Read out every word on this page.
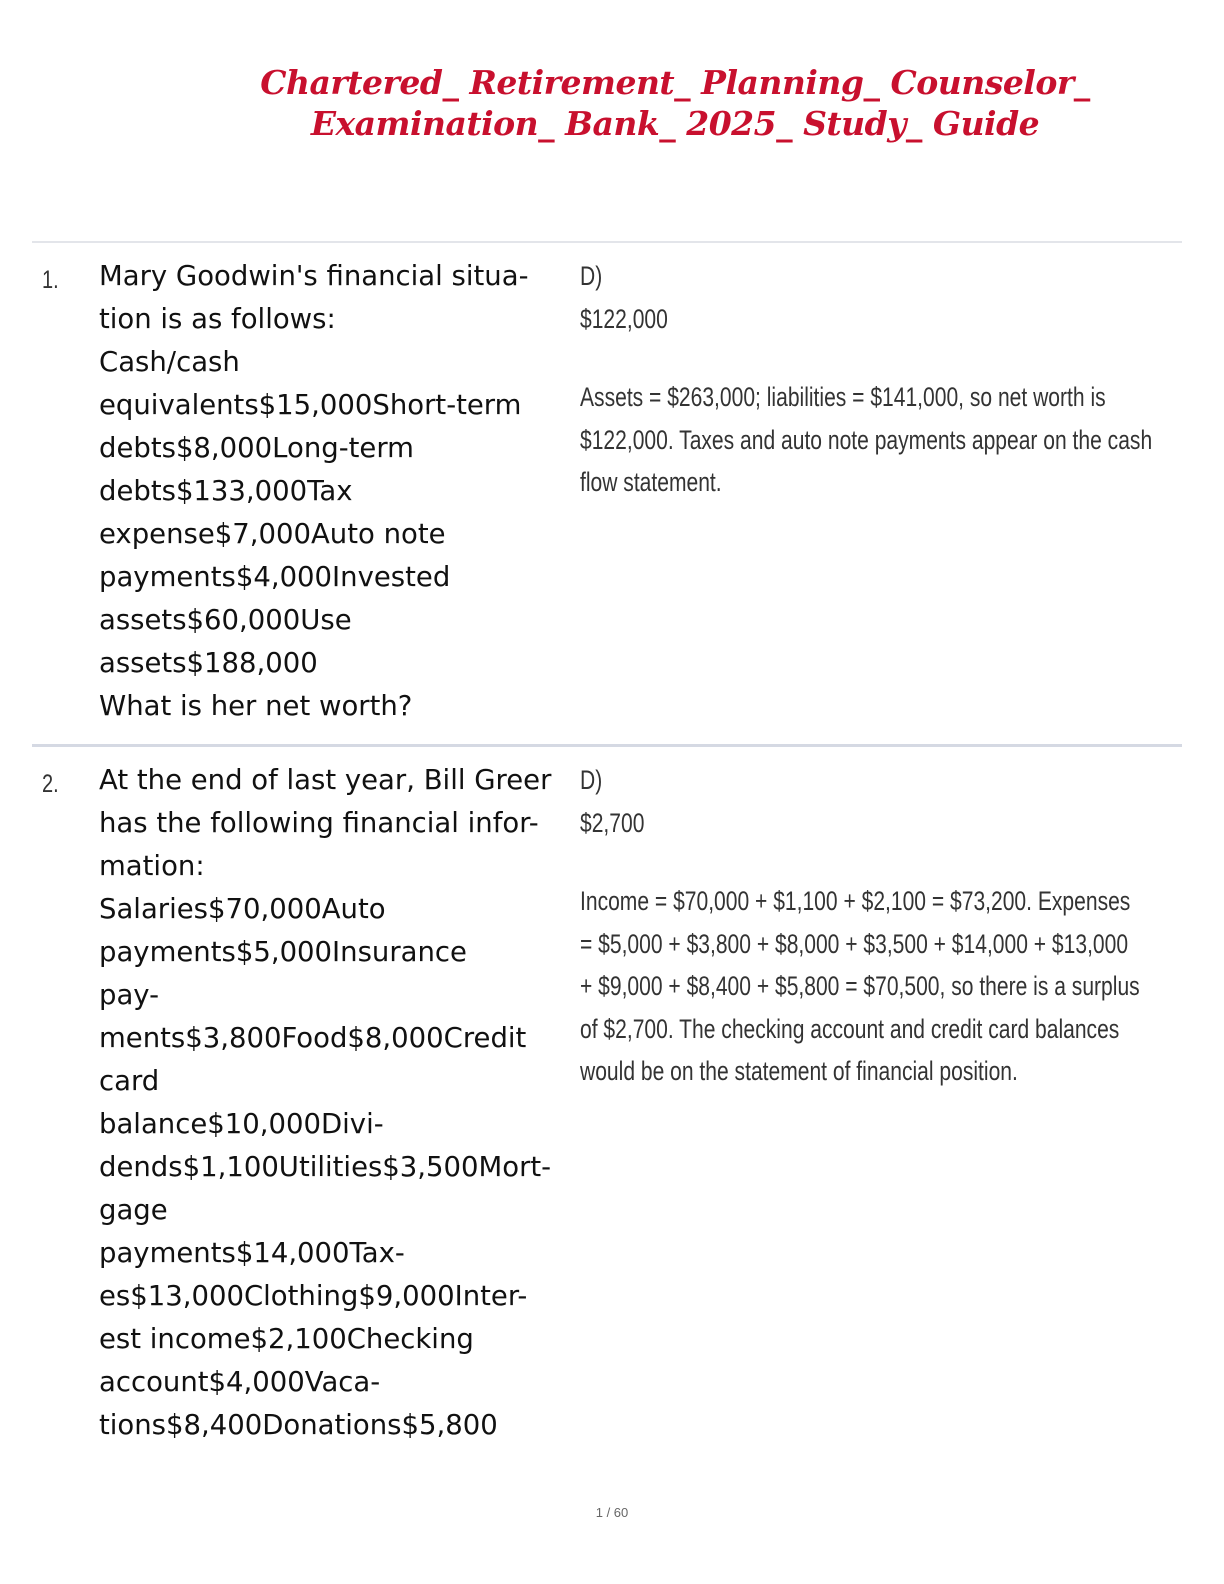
Chartered_ Retirement_ Planning_ Counselor_
Examination_ Bank_ 2025_ Study_ Guide
1. Mary Goodwin's financial situa-
tion is as follows:
Cash/cash
equivalents$15,000Short-term
debts$8,000Long-term
debts$133,000Tax
expense$7,000Auto note
payments$4,000Invested
assets$60,000Use
assets$188,000
What is her net worth?
D)
$122,000
Assets = $263,000; liabilities = $141,000, so net worth is
$122,000. Taxes and auto note payments appear on the cash
flow statement.
2. At the end of last year, Bill Greer
has the following financial infor-
mation:
Salaries$70,000Auto
payments$5,000Insurance
pay-
ments$3,800Food$8,000Credit
card
balance$10,000Divi-
dends$1,100Utilities$3,500Mort-
gage
payments$14,000Tax-
es$13,000Clothing$9,000Inter-
est income$2,100Checking
account$4,000Vaca-
tions$8,400Donations$5,800
D)
$2,700
Income = $70,000 + $1,100 + $2,100 = $73,200. Expenses
= $5,000 + $3,800 + $8,000 + $3,500 + $14,000 + $13,000
+ $9,000 + $8,400 + $5,800 = $70,500, so there is a surplus
of $2,700. The checking account and credit card balances
would be on the statement of financial position.
1 / 60
